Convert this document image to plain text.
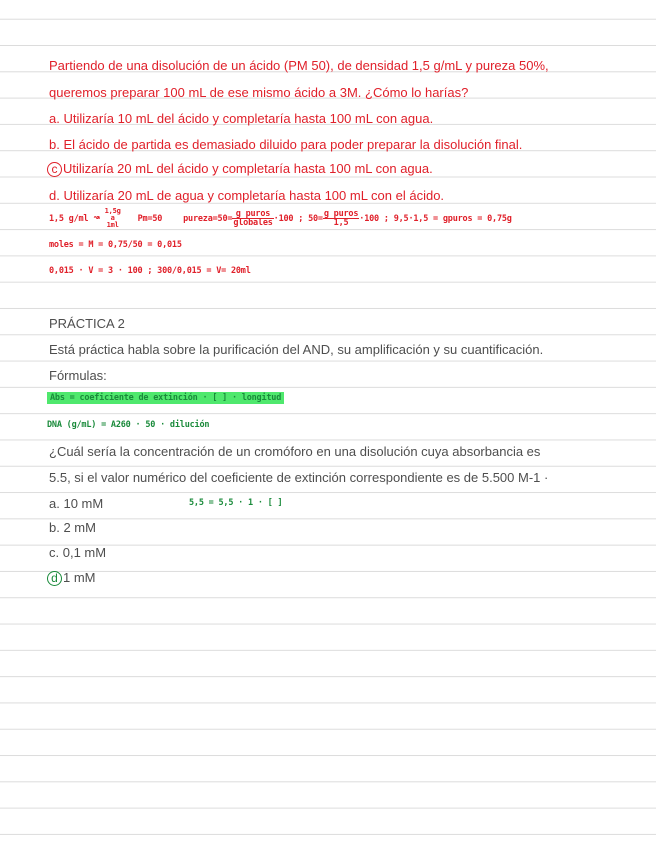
Partiendo de una disolución de un ácido (PM 50), de densidad 1,5 g/mL y pureza 50%,
queremos preparar 100 mL de ese mismo ácido a 3M. ¿Cómo lo harías?
a. Utilizaría 10 mL del ácido y completaría hasta 100 mL con agua.
b. El ácido de partida es demasiado diluido para poder preparar la disolución final.
c Utilizaría 20 mL del ácido y completaría hasta 100 mL con agua.
d. Utilizaría 20 mL de agua y completaría hasta 100 mL con el ácido.
1,5 g/ml ↝ 1,5g
a
1ml
Pm=50 pureza=50= $\frac{\text{g puros}}{\text{globales}} \cdot 100$ ; $50= \frac{\text{g puros}}{1,5} \cdot 100$ ; 9,5·1,5 = gpuros = 0,75g
moles = M = 0,75/50 = 0,015
0,015 · V = 3 · 100 ; 300/0,015 = V= 20ml
PRÁCTICA 2
Está práctica habla sobre la purificación del AND, su amplificación y su cuantificación.
Fórmulas:
Abs = coeficiente de extinción · [ ] · longitud
DNA (g/mL) = A260 · 50 · dilución
¿Cuál sería la concentración de un cromóforo en una disolución cuya absorbancia es
5.5, si el valor numérico del coeficiente de extinción correspondiente es de 5.500 M-1 ·
a. 10 mM	5,5 = 5,5 · 1 · [ ]
b. 2 mM
c. 0,1 mM
d 1 mM
